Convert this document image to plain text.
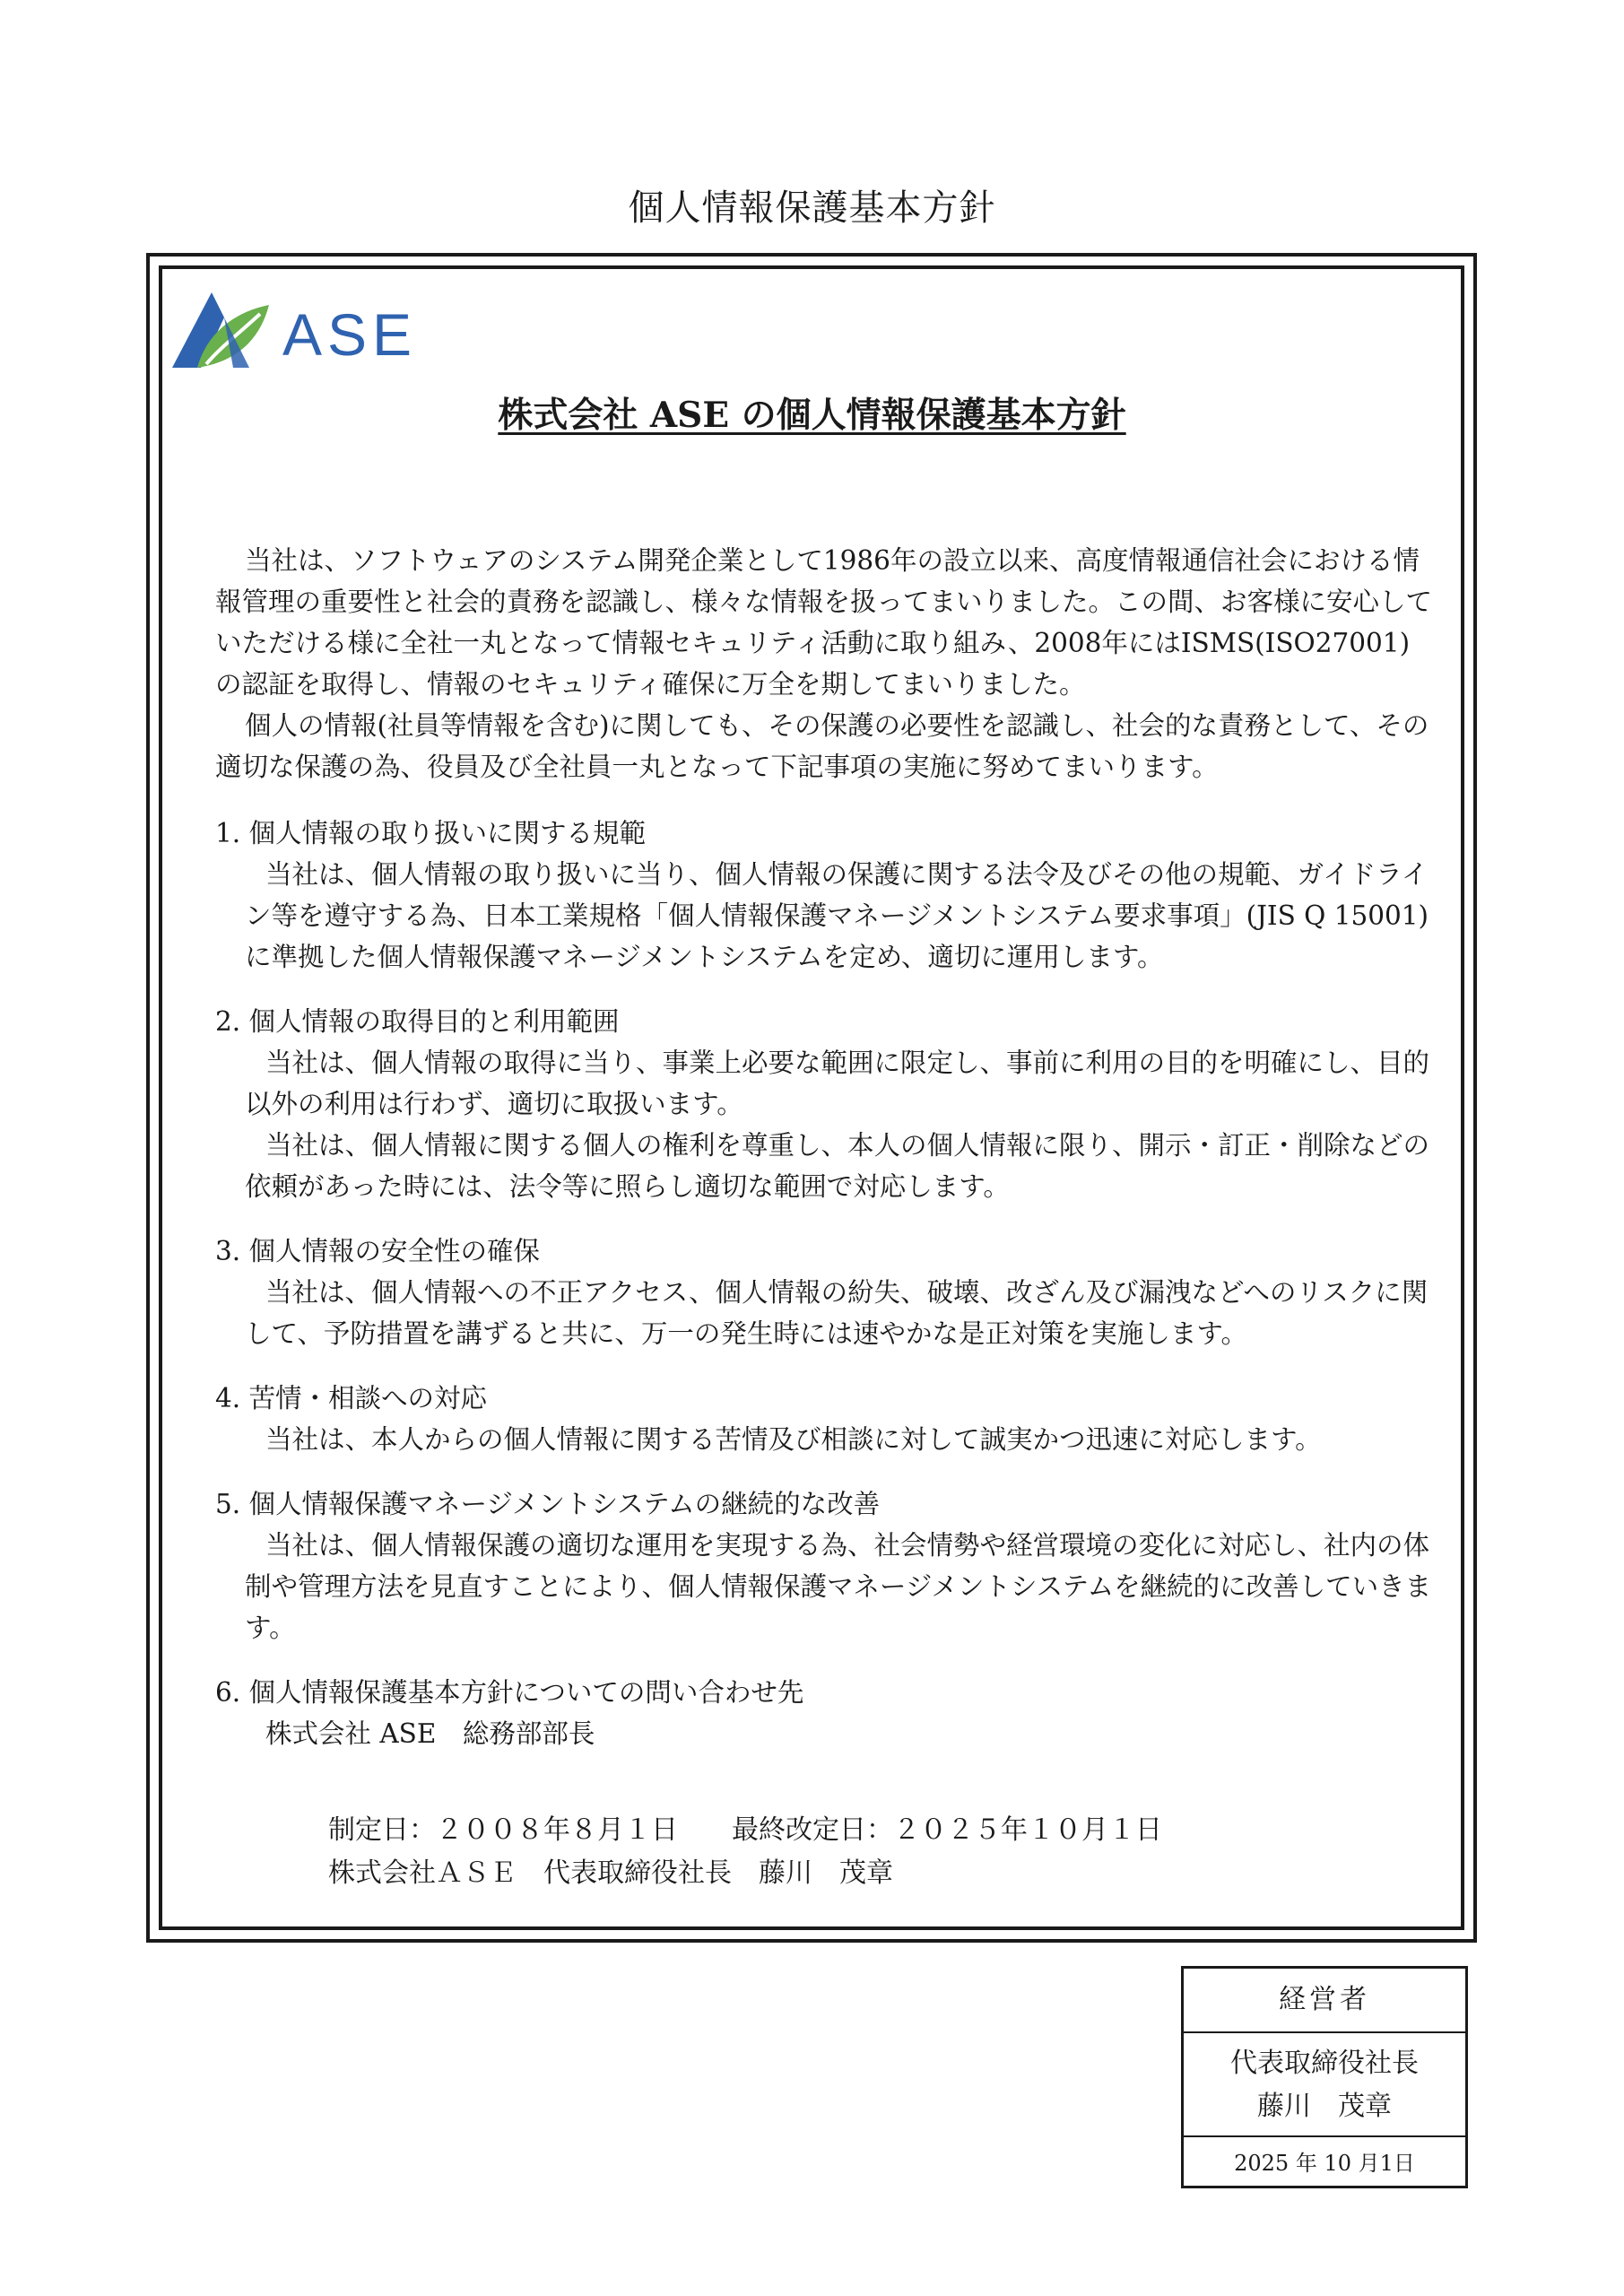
個人情報保護基本方針
ASE
株式会社 ASE の個人情報保護基本方針

当社は、ソフトウェアのシステム開発企業として1986年の設立以来、高度情報通信社会における情報管理の重要性と社会的責務を認識し、様々な情報を扱ってまいりました。この間、お客様に安心していただける様に全社一丸となって情報セキュリティ活動に取り組み、2008年にはISMS(ISO27001)の認証を取得し、情報のセキュリティ確保に万全を期してまいりました。

個人の情報(社員等情報を含む)に関しても、その保護の必要性を認識し、社会的な責務として、その適切な保護の為、役員及び全社員一丸となって下記事項の実施に努めてまいります。

1. 個人情報の取り扱いに関する規範

当社は、個人情報の取り扱いに当り、個人情報の保護に関する法令及びその他の規範、ガイドライン等を遵守する為、日本工業規格「個人情報保護マネージメントシステム要求事項」(JIS Q 15001)に準拠した個人情報保護マネージメントシステムを定め、適切に運用します。

2. 個人情報の取得目的と利用範囲

当社は、個人情報の取得に当り、事業上必要な範囲に限定し、事前に利用の目的を明確にし、目的以外の利用は行わず、適切に取扱います。

当社は、個人情報に関する個人の権利を尊重し、本人の個人情報に限り、開示・訂正・削除などの依頼があった時には、法令等に照らし適切な範囲で対応します。

3. 個人情報の安全性の確保

当社は、個人情報への不正アクセス、個人情報の紛失、破壊、改ざん及び漏洩などへのリスクに関して、予防措置を講ずると共に、万一の発生時には速やかな是正対策を実施します。

4. 苦情・相談への対応

当社は、本人からの個人情報に関する苦情及び相談に対して誠実かつ迅速に対応します。

5. 個人情報保護マネージメントシステムの継続的な改善

当社は、個人情報保護の適切な運用を実現する為、社会情勢や経営環境の変化に対応し、社内の体制や管理方法を見直すことにより、個人情報保護マネージメントシステムを継続的に改善していきます。

6. 個人情報保護基本方針についての問い合わせ先

株式会社 ASE　総務部部長

制定日：２００８年８月１日　　最終改定日：２０２５年１０月１日
株式会社ＡＳＥ　代表取締役社長　藤川　茂章
経営者
代表取締役社長
藤川　茂章
2025 年 10 月1日
